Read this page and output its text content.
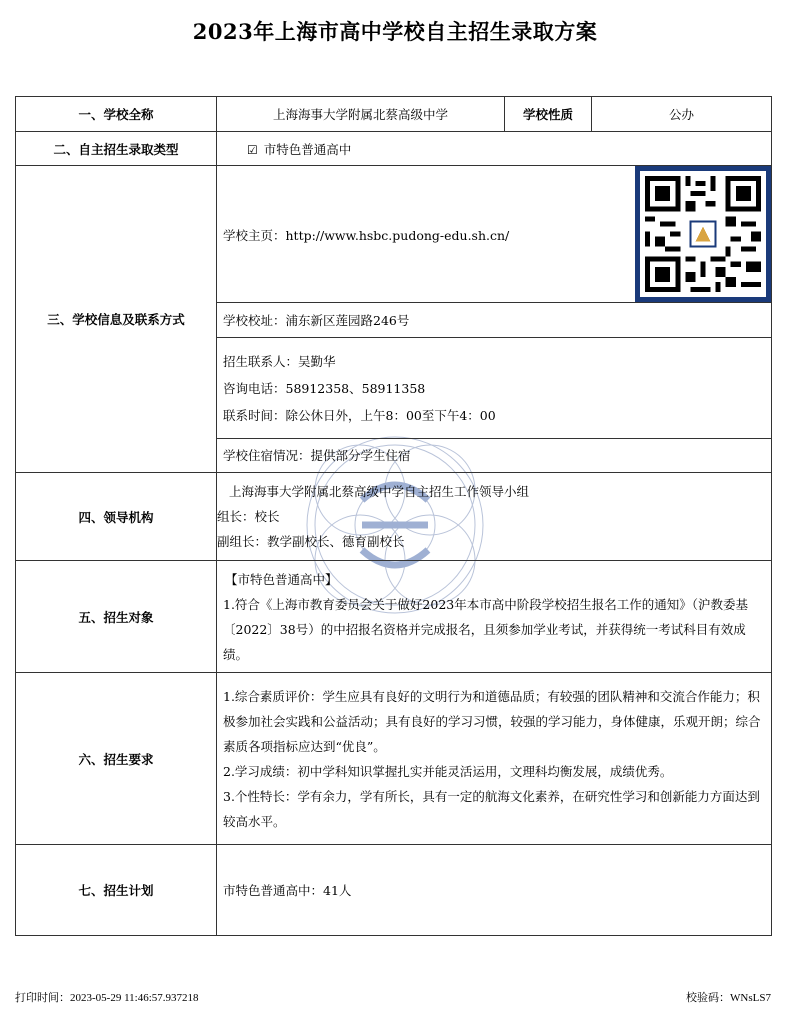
2023年上海市高中学校自主招生录取方案
一、学校全称	上海海事大学附属北蔡高级中学	学校性质	公办
二、自主招生录取类型	☑ 市特色普通高中		
三、学校信息及联系方式	学校主页：http://www.hsbc.pudong-edu.sh.cn/		

	学校校址：浦东新区莲园路246号		

	招生联系人：吴勤华
咨询电话：58912358、58911358
联系时间：除公休日外，上午8：00至下午4：00		

	学校住宿情况：提供部分学生住宿		
四、领导机构	上海海事大学附属北蔡高级中学自主招生工作领导小组
组长：校长
副组长：教学副校长、德育副校长		

五、招生对象	【市特色普通高中】
1.符合《上海市教育委员会关于做好2023年本市高中阶段学校招生报名工作的通知》（沪教委基〔2022〕38号）的中招报名资格并完成报名，且须参加学业考试，并获得统一考试科目有效成绩。		

六、招生要求	1.综合素质评价：学生应具有良好的文明行为和道德品质；有较强的团队精神和交流合作能力；积极参加社会实践和公益活动；具有良好的学习习惯，较强的学习能力，身体健康，乐观开朗；综合素质各项指标应达到“优良”。
2.学习成绩：初中学科知识掌握扎实并能灵活运用，文理科均衡发展，成绩优秀。
3.个性特长：学有余力，学有所长，具有一定的航海文化素养，在研究性学习和创新能力方面达到较高水平。		

七、招生计划	市特色普通高中：41人		
打印时间：2023-05-29 11:46:57.937218	校验码：WNsLS7
